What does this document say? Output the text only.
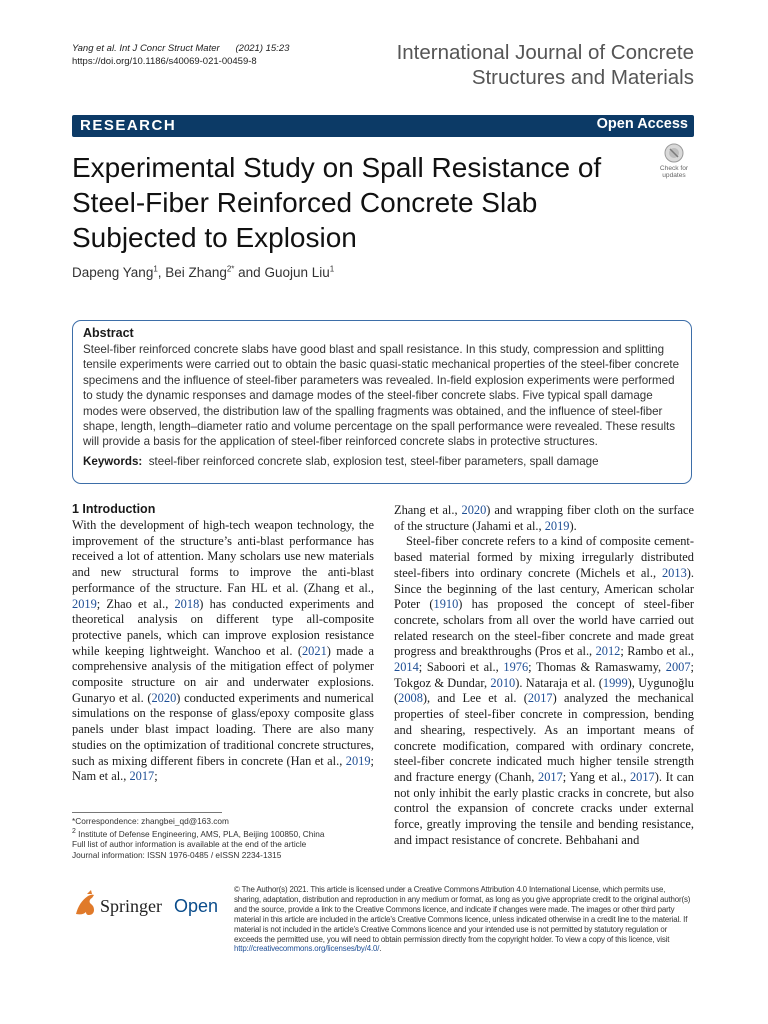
Yang et al. Int J Concr Struct Mater (2021) 15:23
https://doi.org/10.1186/s40069-021-00459-8	International Journal of Concrete
Structures and Materials
RESEARCH	Open Access
Experimental Study on Spall Resistance of Steel-Fiber Reinforced Concrete Slab Subjected to Explosion
Check for
updates
Dapeng Yang$^1$, Bei Zhang$^{2*}$ and Guojun Liu$^1$
Abstract

Steel-fiber reinforced concrete slabs have good blast and spall resistance. In this study, compression and splitting tensile experiments were carried out to obtain the basic quasi-static mechanical properties of the steel-fiber concrete specimens and the influence of steel-fiber parameters was revealed. In-field explosion experiments were performed to study the dynamic responses and damage modes of the steel-fiber concrete slabs. Five typical spall damage modes were observed, the distribution law of the spalling fragments was obtained, and the influence of steel-fiber shape, length, length–diameter ratio and volume percentage on the spall performance were revealed. These results will provide a basis for the application of steel-fiber reinforced concrete slabs in protective structures.

Keywords: steel-fiber reinforced concrete slab, explosion test, steel-fiber parameters, spall damage
1 Introduction

With the development of high-tech weapon technology, the improvement of the structure’s anti-blast performance has received a lot of attention. Many scholars use new materials and new structural forms to improve the anti-blast performance of the structure. Fan HL et al. (Zhang et al., 2019; Zhao et al., 2018) has conducted experiments and theoretical analysis on different type all-composite protective panels, which can improve explosion resistance while keeping lightweight. Wanchoo et al. (2021) made a comprehensive analysis of the mitigation effect of polymer composite structure on air and underwater explosions. Gunaryo et al. (2020) conducted experiments and numerical simulations on the response of glass/epoxy composite glass panels under blast impact loading. There are also many studies on the optimization of traditional concrete structures, such as mixing different fibers in concrete (Han et al., 2019; Nam et al., 2017;

Zhang et al., 2020) and wrapping fiber cloth on the surface of the structure (Jahami et al., 2019).

Steel-fiber concrete refers to a kind of composite cement-based material formed by mixing irregularly distributed steel-fibers into ordinary concrete (Michels et al., 2013). Since the beginning of the last century, American scholar Poter (1910) has proposed the concept of steel-fiber concrete, scholars from all over the world have carried out related research on the steel-fiber concrete and made great progress and breakthroughs (Pros et al., 2012; Rambo et al., 2014; Saboori et al., 1976; Thomas & Ramaswamy, 2007; Tokgoz & Dundar, 2010). Nataraja et al. (1999), Uygunoğlu (2008), and Lee et al. (2017) analyzed the mechanical properties of steel-fiber concrete in compression, bending and shearing, respectively. As an important means of concrete modification, compared with ordinary concrete, steel-fiber concrete indicated much higher tensile strength and fracture energy (Chanh, 2017; Yang et al., 2017). It can not only inhibit the early plastic cracks in concrete, but also control the expansion of concrete cracks under external force, greatly improving the tensile and bending resistance, and impact resistance of concrete. Behbahani and

*Correspondence: zhangbei_qd@163.com
$^2$ Institute of Defense Engineering, AMS, PLA, Beijing 100850, China
Full list of author information is available at the end of the article
Journal information: ISSN 1976-0485 / eISSN 2234-1315
Springer Open
© The Author(s) 2021. This article is licensed under a Creative Commons Attribution 4.0 International License, which permits use, sharing, adaptation, distribution and reproduction in any medium or format, as long as you give appropriate credit to the original author(s) and the source, provide a link to the Creative Commons licence, and indicate if changes were made. The images or other third party material in this article are included in the article’s Creative Commons licence, unless indicated otherwise in a credit line to the material. If material is not included in the article’s Creative Commons licence and your intended use is not permitted by statutory regulation or exceeds the permitted use, you will need to obtain permission directly from the copyright holder. To view a copy of this licence, visit http://creativecommons.org/licenses/by/4.0/.
